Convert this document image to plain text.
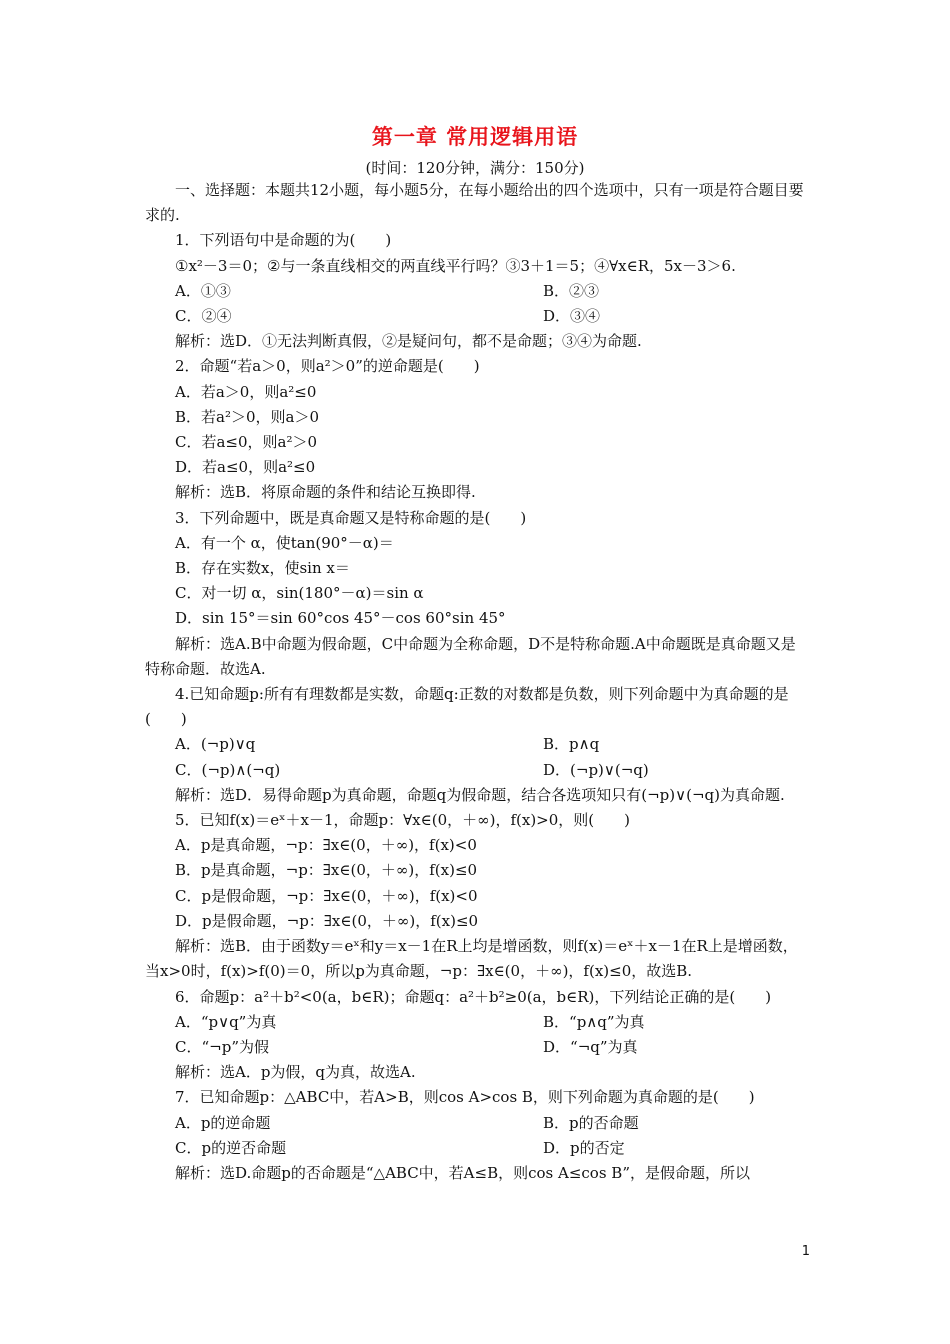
第一章 常用逻辑用语
(时间：120分钟，满分：150分)
一、选择题：本题共12小题，每小题5分，在每小题给出的四个选项中，只有一项是符合题目要求的.
1．下列语句中是命题的为(　　)
①x²－3＝0；②与一条直线相交的两直线平行吗？③3＋1＝5；④∀x∈R，5x－3＞6.
A．①③	B．②③
C．②④	D．③④
解析：选D．①无法判断真假，②是疑问句，都不是命题；③④为命题.
2．命题“若a＞0，则a²＞0”的逆命题是(　　)
A．若a＞0，则a²≤0
B．若a²＞0，则a＞0
C．若a≤0，则a²＞0
D．若a≤0，则a²≤0
解析：选B．将原命题的条件和结论互换即得.
3．下列命题中，既是真命题又是特称命题的是(　　)
A．有一个 α，使tan(90°－α)＝
B．存在实数x，使sin x＝
C．对一切 α，sin(180°－α)＝sin α
D．sin 15°＝sin 60°cos 45°－cos 60°sin 45°
解析：选A.B中命题为假命题，C中命题为全称命题，D不是特称命题.A中命题既是真命题又是特称命题．故选A.
4.已知命题p:所有有理数都是实数，命题q:正数的对数都是负数，则下列命题中为真命题的是(　　)
A．(¬p)∨q	B．p∧q
C．(¬p)∧(¬q)	D．(¬p)∨(¬q)
解析：选D．易得命题p为真命题，命题q为假命题，结合各选项知只有(¬p)∨(¬q)为真命题.
5．已知f(x)＝eˣ＋x－1，命题p：∀x∈(0，＋∞)，f(x)>0，则(　　)
A．p是真命题，¬p：∃x∈(0，＋∞)，f(x)<0
B．p是真命题，¬p：∃x∈(0，＋∞)，f(x)≤0
C．p是假命题，¬p：∃x∈(0，＋∞)，f(x)<0
D．p是假命题，¬p：∃x∈(0，＋∞)，f(x)≤0
解析：选B．由于函数y＝eˣ和y＝x－1在R上均是增函数，则f(x)＝eˣ＋x－1在R上是增函数，当x>0时，f(x)>f(0)＝0，所以p为真命题，¬p：∃x∈(0，＋∞)，f(x)≤0，故选B.
6．命题p：a²＋b²<0(a，b∈R)；命题q：a²＋b²≥0(a，b∈R)，下列结论正确的是(　　)
A．“p∨q”为真	B．“p∧q”为真
C．“¬p”为假	D．“¬q”为真
解析：选A．p为假，q为真，故选A.
7．已知命题p：△ABC中，若A>B，则cos A>cos B，则下列命题为真命题的是(　　)
A．p的逆命题	B．p的否命题
C．p的逆否命题	D．p的否定
解析：选D.命题p的否命题是“△ABC中，若A≤B，则cos A≤cos B”，是假命题，所以
1
